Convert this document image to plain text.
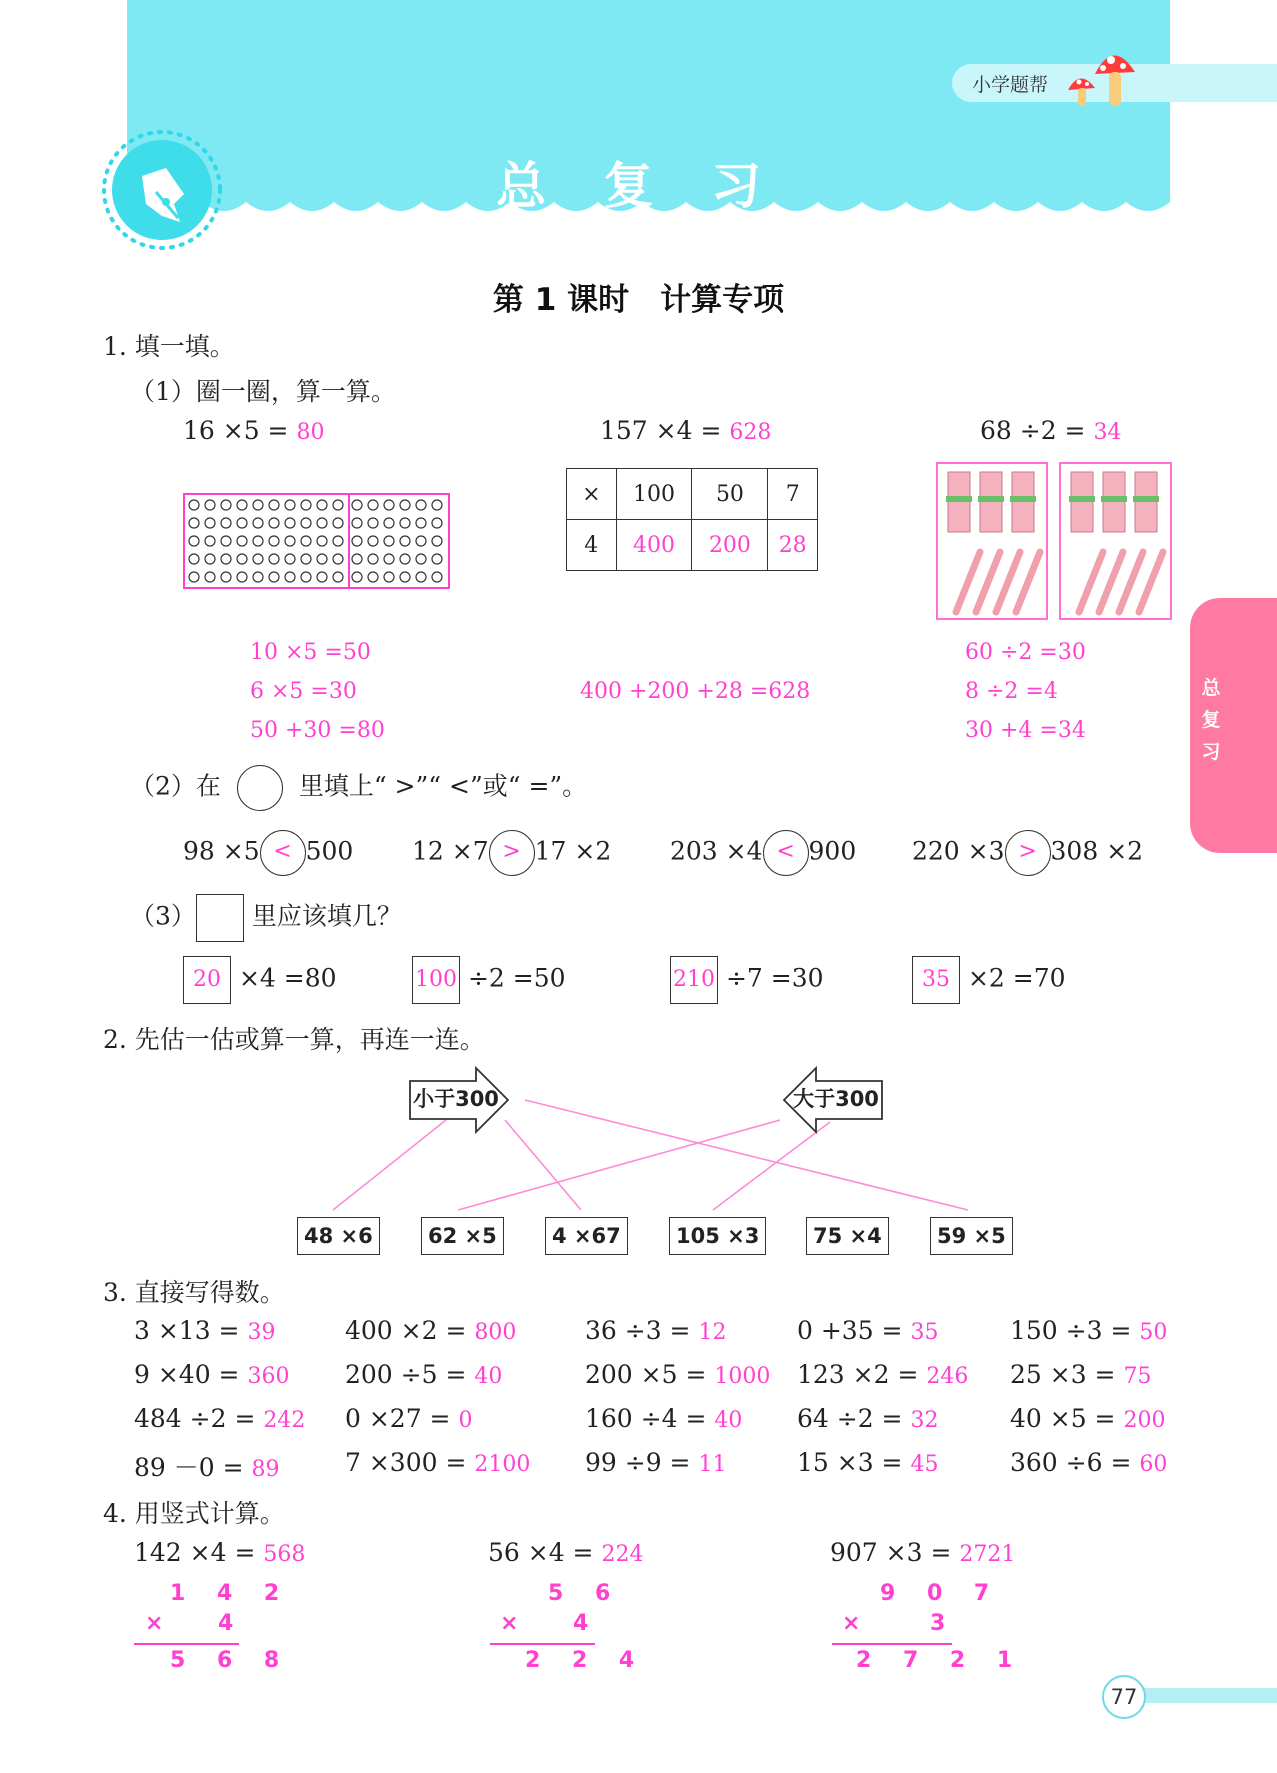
小学题帮
总 复 习
总
复
习
第 1 课时　计算专项
1. 填一填。
（1）圈一圈，算一算。
16 ×5 = 80	157 ×4 = 628	68 ÷2 = 34
×	100	50	7
4	400	200	28
10 ×5 =50
6 ×5 =30
50 +30 =80
400 +200 +28 =628
60 ÷2 =30
8 ÷2 =4
30 +4 =34
（2）在	里填上“ >”“ <”或“ =”。
98 ×5 < 500 12 ×7 > 17 ×2 203 ×4 < 900 220 ×3 > 308 ×2
（3） 里应该填几？
20 ×4 =80	100 ÷2 =50	210 ÷7 =30	35 ×2 =70
2. 先估一估或算一算，再连一连。
小于300	大于300
48 ×6	62 ×5	4 ×67	105 ×3	75 ×4	59 ×5
3. 直接写得数。
3 ×13 = 39	400 ×2 = 800	36 ÷3 = 12	0 +35 = 35	150 ÷3 = 50
9 ×40 = 360 200 ÷5 = 40	200 ×5 = 1000 123 ×2 = 246 25 ×3 = 75
484 ÷2 = 242 0 ×27 = 0	160 ÷4 = 40 64 ÷2 = 32	40 ×5 = 200
89 －0 = 89	7 ×300 = 2100 99 ÷9 = 11	15 ×3 = 45	360 ÷6 = 60
4. 用竖式计算。
142 ×4 = 568	56 ×4 = 224	907 ×3 = 2721
1 4 2
× 4
5 6 8
5 6
× 4
2 2 4
9 0 7
×	3
2 7 2 1
77
